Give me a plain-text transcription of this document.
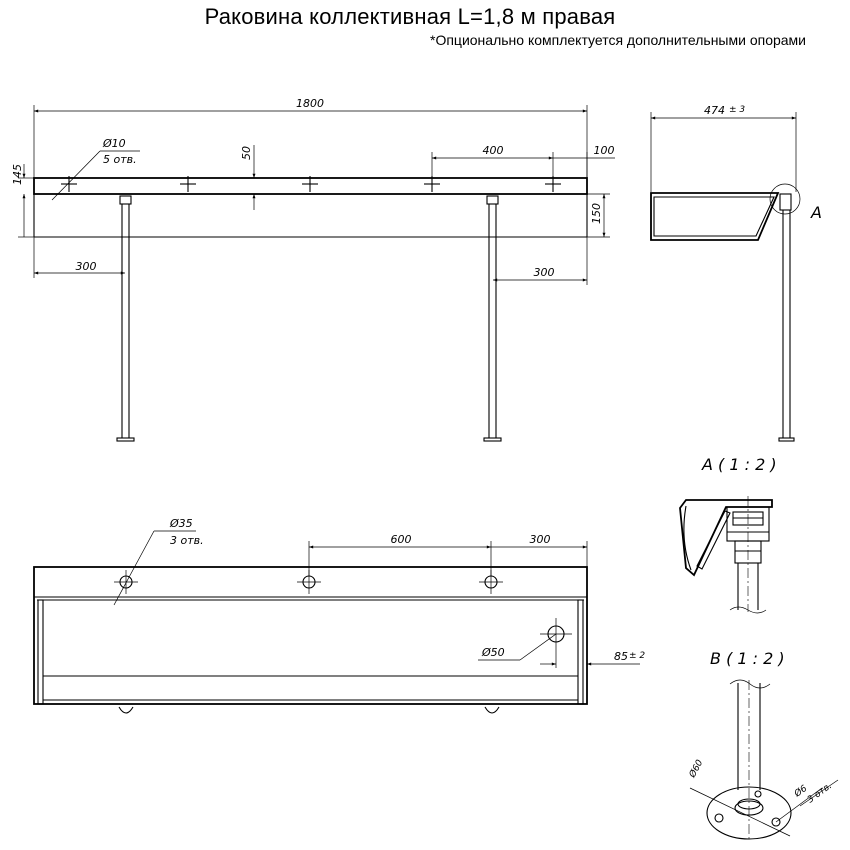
Раковина коллективная L=1,8 м правая
*Опционально комплектуется дополнительными опорами
1800
145
50	400	100
150
300	300
Ø10
5 отв.
A
474 ± 3
Ø50	85 ± 2
600	300
Ø35
3 отв.
A ( 1 : 2 )
B ( 1 : 2 )
Ø60
Ø6
3 отв.
